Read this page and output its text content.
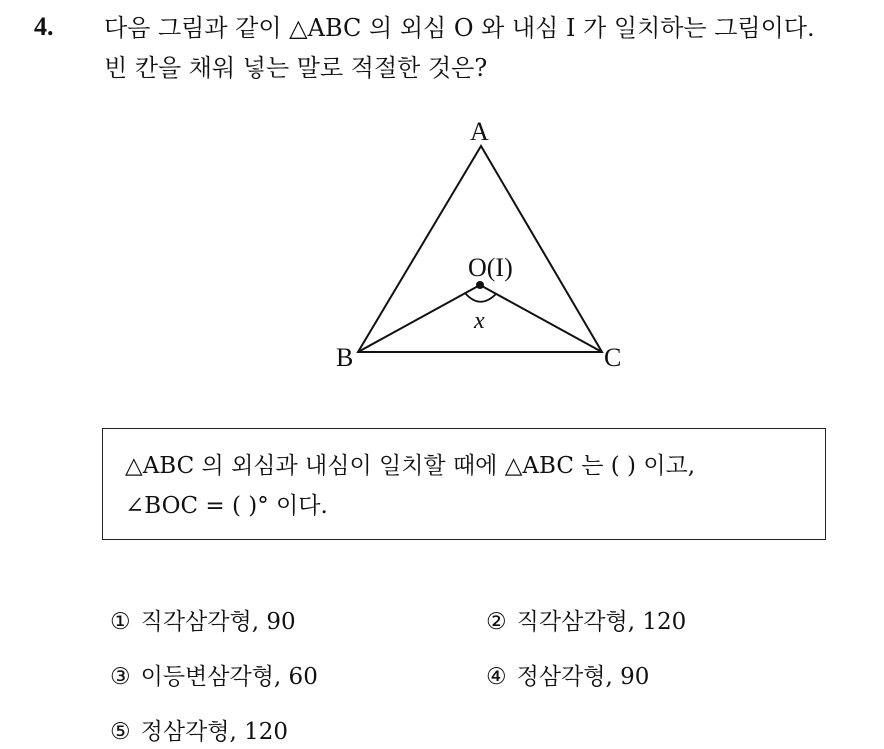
4. 다음 그림과 같이 △ABC 의 외심 O 와 내심 I 가 일치하는 그림이다.
빈 칸을 채워 넣는 말로 적절한 것은?
A
B	C
O(I)
x
△ABC 의 외심과 내심이 일치할 때에 △ABC 는 ( ) 이고,
∠BOC = ( )° 이다.
① 직각삼각형, 90	② 직각삼각형, 120
③ 이등변삼각형, 60	④ 정삼각형, 90
⑤ 정삼각형, 120
